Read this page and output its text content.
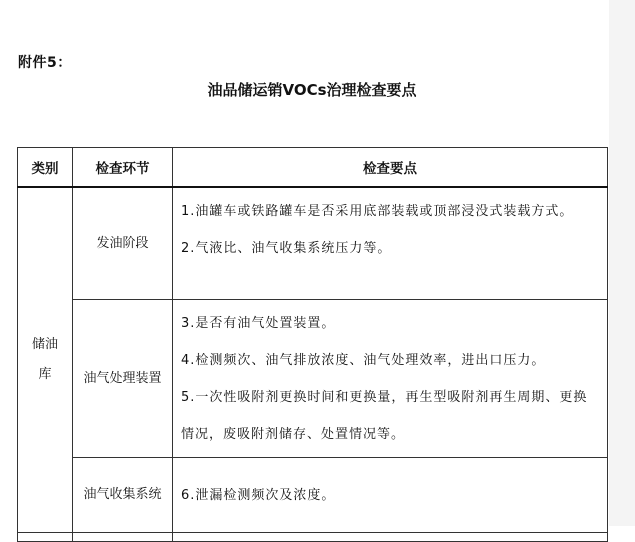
附件5：
油品储运销VOCs治理检查要点
类别	检查环节	检查要点
储油库	发油阶段	1.油罐车或铁路罐车是否采用底部装载或顶部浸没式装载方式。
2.气液比、油气收集系统压力等。

	油气处理装置	3.是否有油气处置装置。
4.检测频次、油气排放浓度、油气处理效率，进出口压力。
5.一次性吸附剂更换时间和更换量，再生型吸附剂再生周期、更换情况，废吸附剂储存、处置情况等。

	油气收集系统	6.泄漏检测频次及浓度。
